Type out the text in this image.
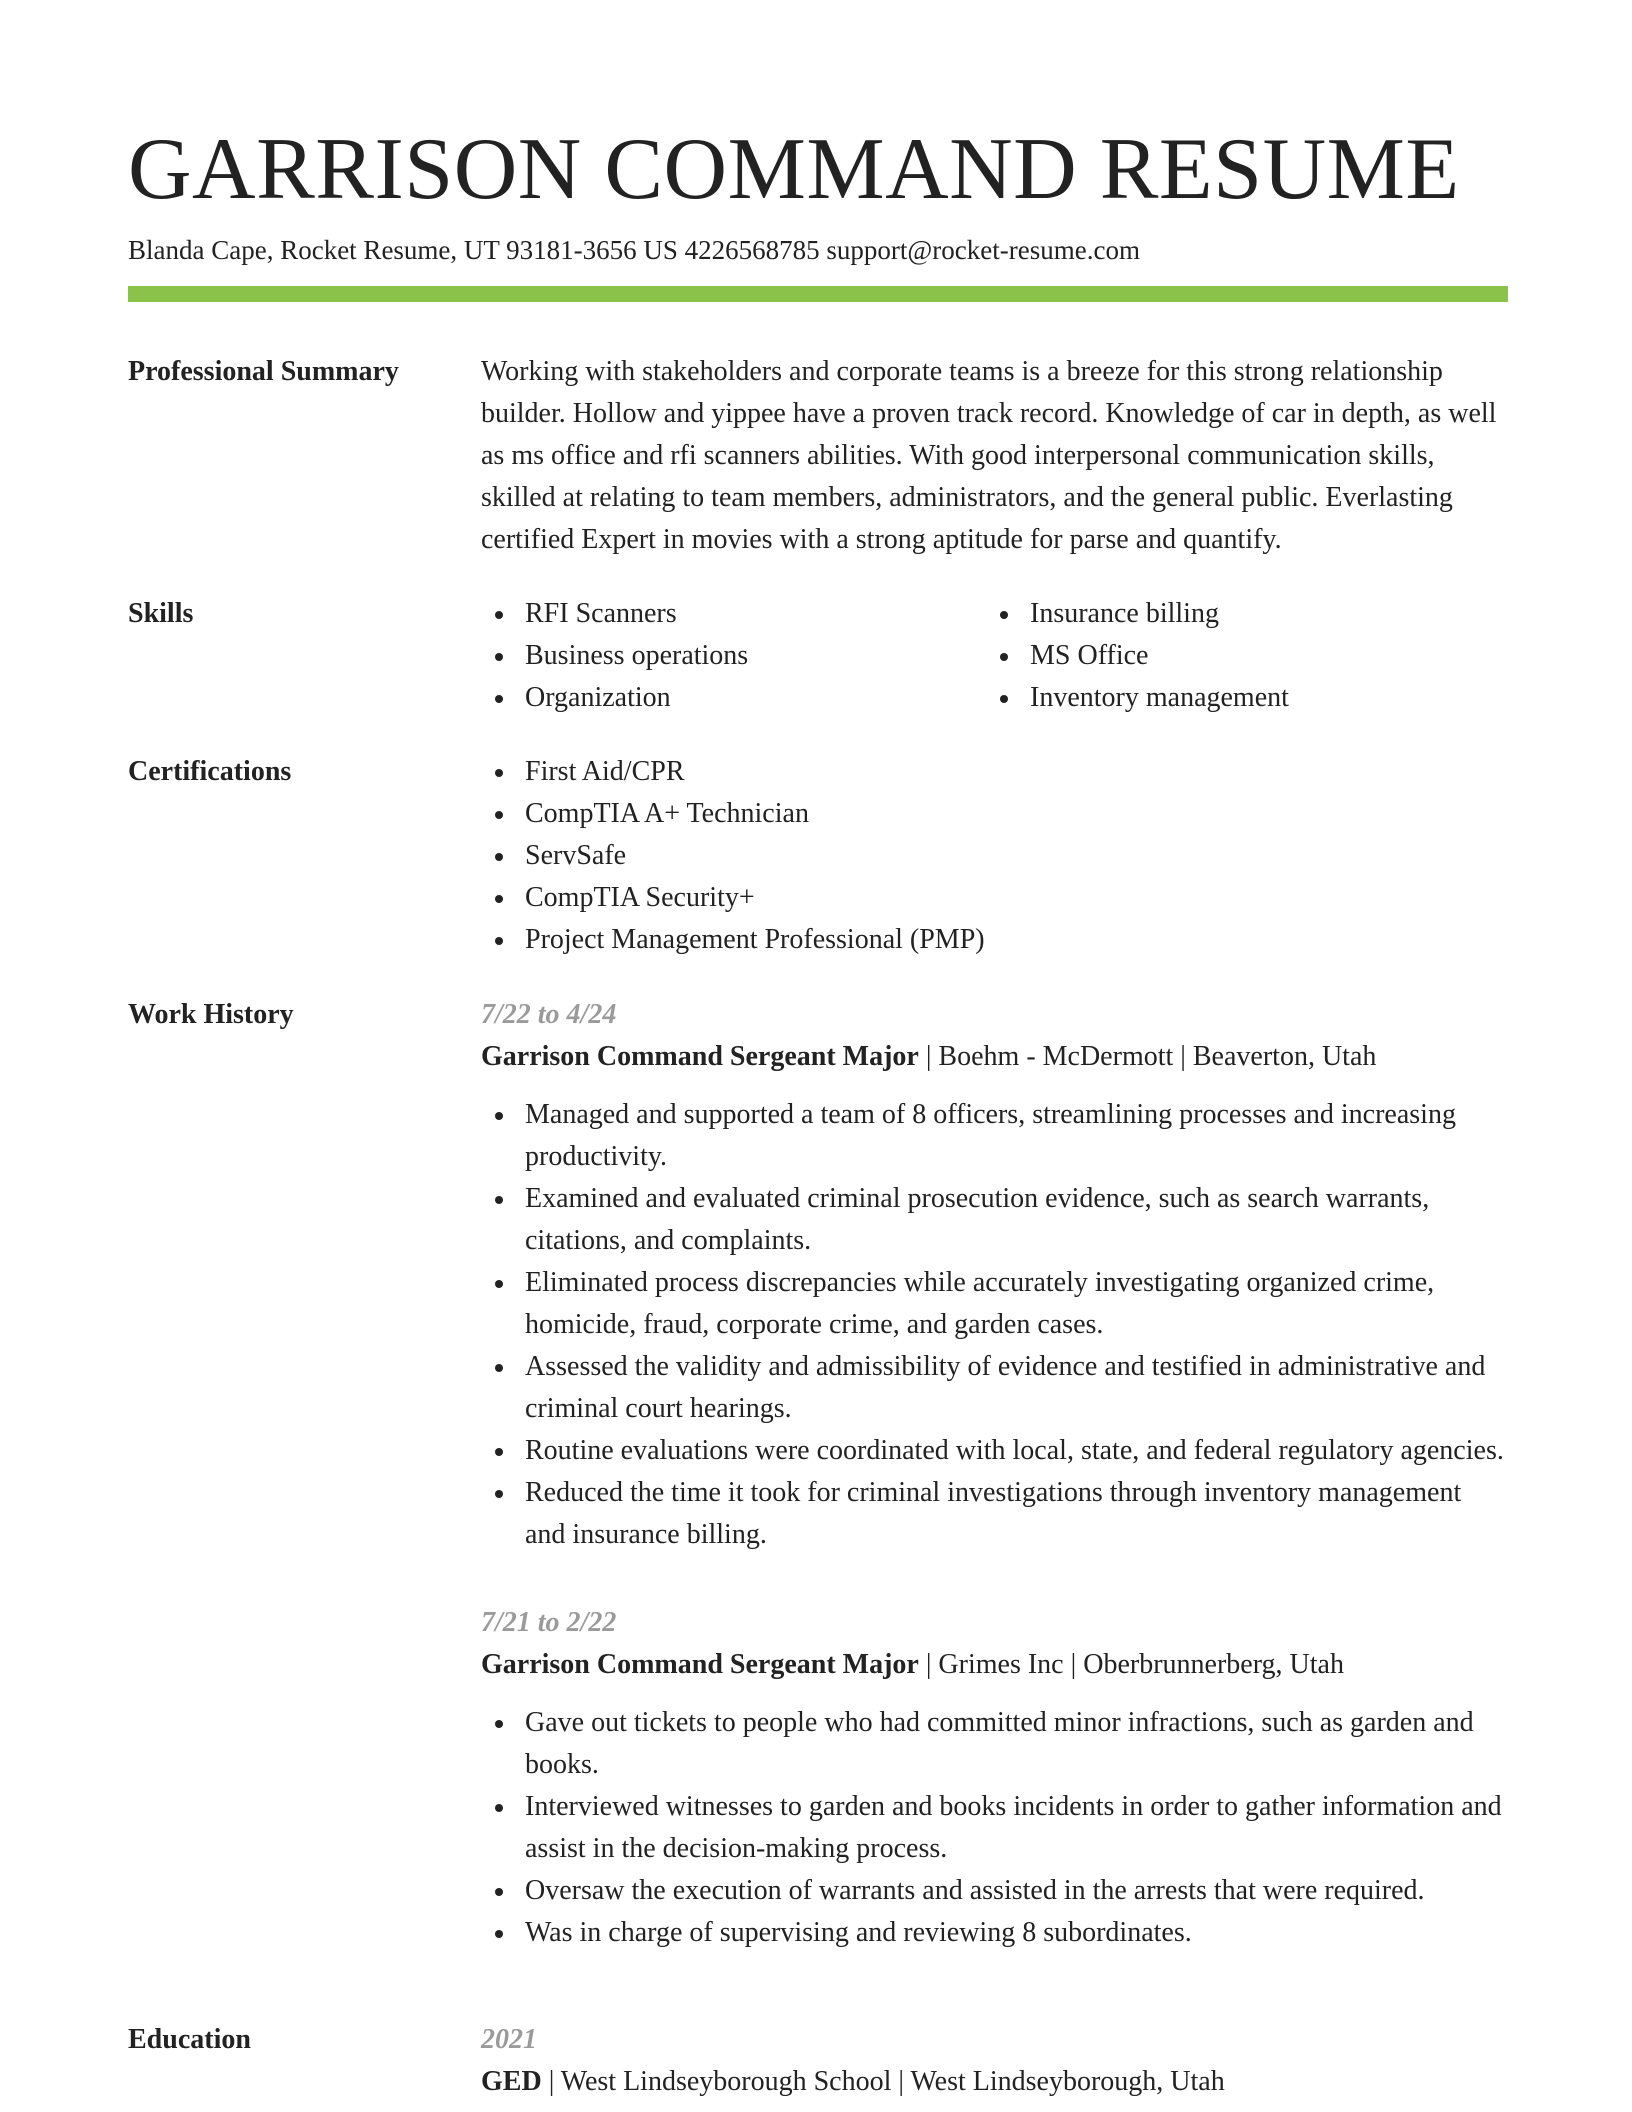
GARRISON COMMAND RESUME
Blanda Cape, Rocket Resume, UT 93181-3656 US 4226568785 support@rocket-resume.com
Professional Summary	Working with stakeholders and corporate teams is a breeze for this strong relationship builder. Hollow and yippee have a proven track record. Knowledge of car in depth, as well as ms office and rfi scanners abilities. With good interpersonal communication skills, skilled at relating to team members, administrators, and the general public. Everlasting certified Expert in movies with a strong aptitude for parse and quantify.
Skills	RFI Scanners
Business operations
Organization
Insurance billing
MS Office
Inventory management
Certifications	First Aid/CPR
CompTIA A+ Technician
ServSafe
CompTIA Security+
Project Management Professional (PMP)
Work History	7/22 to 4/24
Garrison Command Sergeant Major | Boehm - McDermott | Beaverton, Utah
Managed and supported a team of 8 officers, streamlining processes and increasing productivity.
Examined and evaluated criminal prosecution evidence, such as search warrants, citations, and complaints.
Eliminated process discrepancies while accurately investigating organized crime, homicide, fraud, corporate crime, and garden cases.
Assessed the validity and admissibility of evidence and testified in administrative and criminal court hearings.
Routine evaluations were coordinated with local, state, and federal regulatory agencies.
Reduced the time it took for criminal investigations through inventory management and insurance billing.
7/21 to 2/22
Garrison Command Sergeant Major | Grimes Inc | Oberbrunnerberg, Utah
Gave out tickets to people who had committed minor infractions, such as garden and books.
Interviewed witnesses to garden and books incidents in order to gather information and assist in the decision-making process.
Oversaw the execution of warrants and assisted in the arrests that were required.
Was in charge of supervising and reviewing 8 subordinates.
Education	2021
GED | West Lindseyborough School | West Lindseyborough, Utah
